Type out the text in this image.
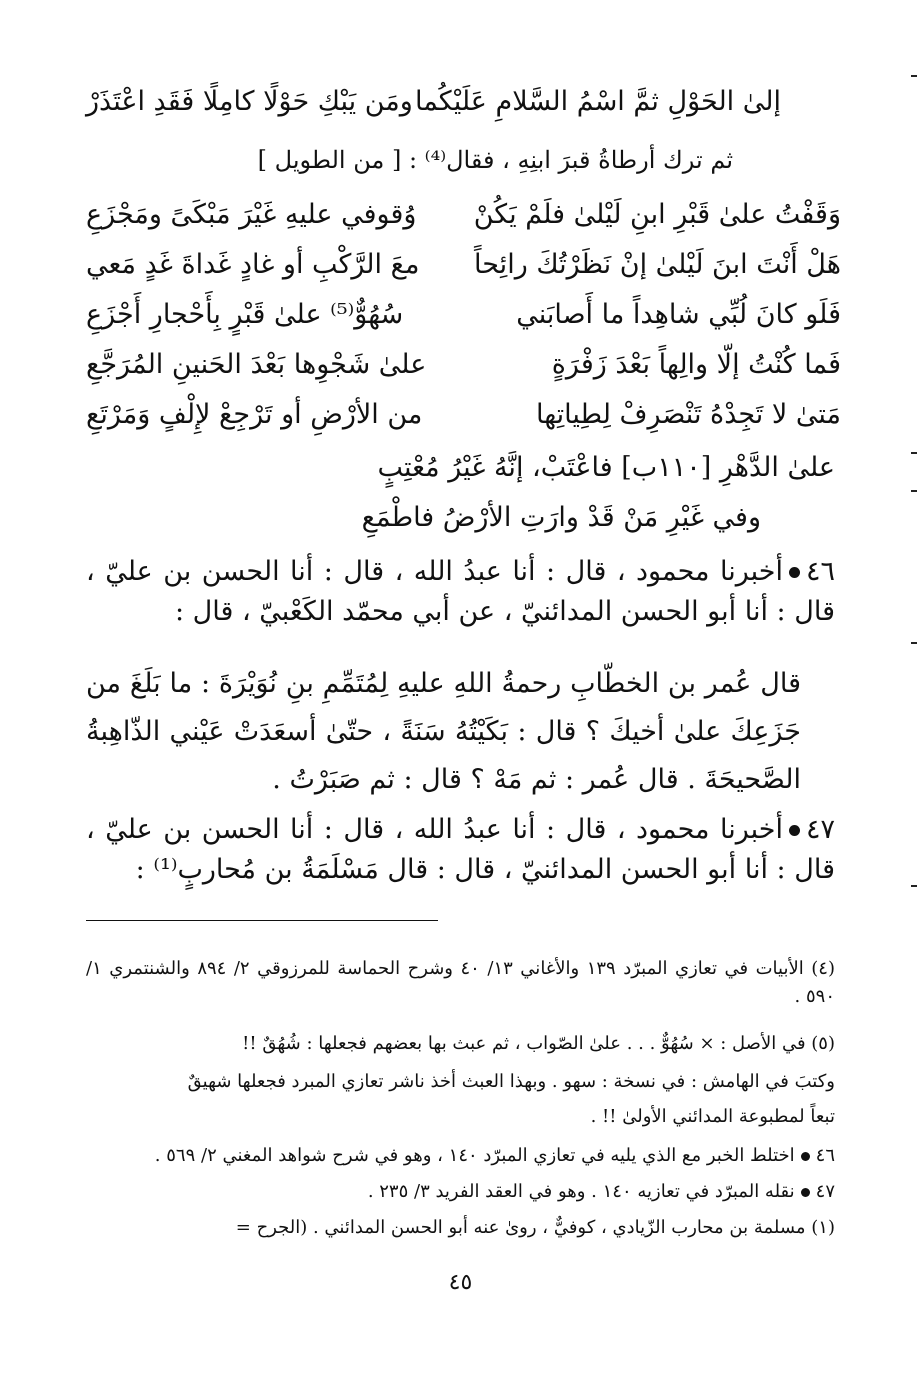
إلىٰ الحَوْلِ ثمَّ اسْمُ السَّلامِ عَلَيْكُما
ومَن يَبْكِ حَوْلًا كامِلًا فَقَدِ اعْتَذَرْ
ثم ترك أرطاةُ قبرَ ابنِهِ ، فقال⁽⁴⁾ : [ من الطويل ]
وَقَفْتُ علىٰ قَبْرِ ابنِ لَيْلىٰ فلَمْ يَكُنْ
وُقوفي عليهِ غَيْرَ مَبْكَىً ومَجْزَعِ
هَلْ أَنْتَ ابنَ لَيْلىٰ إنْ نَظَرْتُكَ رائِحاً
معَ الرَّكْبِ أو غادٍ غَداةَ غَدٍ مَعي
فَلَو كانَ لُبِّي شاهِداً ما أَصابَني
سُهُوٌّ⁽⁵⁾ علىٰ قَبْرٍ بِأَحْجارِ أَجْزَعِ
فَما كُنْتُ إلّا والِهاً بَعْدَ زَفْرَةٍ
علىٰ شَجْوِها بَعْدَ الحَنينِ المُرَجَّعِ
مَتىٰ لا تَجِدْهُ تَنْصَرِفْ لِطِياتِها
من الأرْضِ أو تَرْجِعْ لإِلْفٍ وَمَرْتَعِ
علىٰ الدَّهْرِ [١١٠ب] فاعْتَبْ، إنَّهُ غَيْرُ مُعْتِبٍ
وفي غَيْرِ مَنْ قَدْ وارَتِ الأرْضُ فاطْمَعِ
٤٦أخبرنا محمود ، قال : أنا عبدُ الله ، قال : أنا الحسن بن عليّ ، قال : أنا أبو الحسن المدائنيّ ، عن أبي محمّد الكَعْبيّ ، قال :
قال عُمر بن الخطّابِ رحمةُ اللهِ عليهِ لِمُتَمِّمِ بنِ نُوَيْرَةَ : ما بَلَغَ من جَزَعِكَ علىٰ أخيكَ ؟ قال : بَكَيْتُهُ سَنَةً ، حتّىٰ أسعَدَتْ عَيْني الذّاهِبةُ الصَّحيحَةَ . قال عُمر : ثم مَهْ ؟ قال : ثم صَبَرْتُ .
٤٧أخبرنا محمود ، قال : أنا عبدُ الله ، قال : أنا الحسن بن عليّ ، قال : أنا أبو الحسن المدائنيّ ، قال : قال مَسْلَمَةُ بن مُحاربٍ⁽¹⁾ :
(٤) الأبيات في تعازي المبرّد ١٣٩ والأغاني ١٣/ ٤٠ وشرح الحماسة للمرزوقي ٢/ ٨٩٤ والشنتمري ١/ ٥٩٠ .
(٥) في الأصل : × سُهُوٌّ . . . علىٰ الصّواب ، ثم عبث بها بعضهم فجعلها : شُهُقٌ !!
وكتبَ في الهامش : في نسخة : سهو . وبهذا العبث أخذ ناشر تعازي المبرد فجعلها شهيقٌ
تبعاً لمطبوعة المدائني الأولىٰ !! .
٤٦اختلط الخبر مع الذي يليه في تعازي المبرّد ١٤٠ ، وهو في شرح شواهد المغني ٢/ ٥٦٩ .
٤٧نقله المبرّد في تعازيه ١٤٠ . وهو في العقد الفريد ٣/ ٢٣٥ .
(١) مسلمة بن محارب الزّيادي ، كوفيٌّ ، روىٰ عنه أبو الحسن المدائني . (الجرح =
٤٥
